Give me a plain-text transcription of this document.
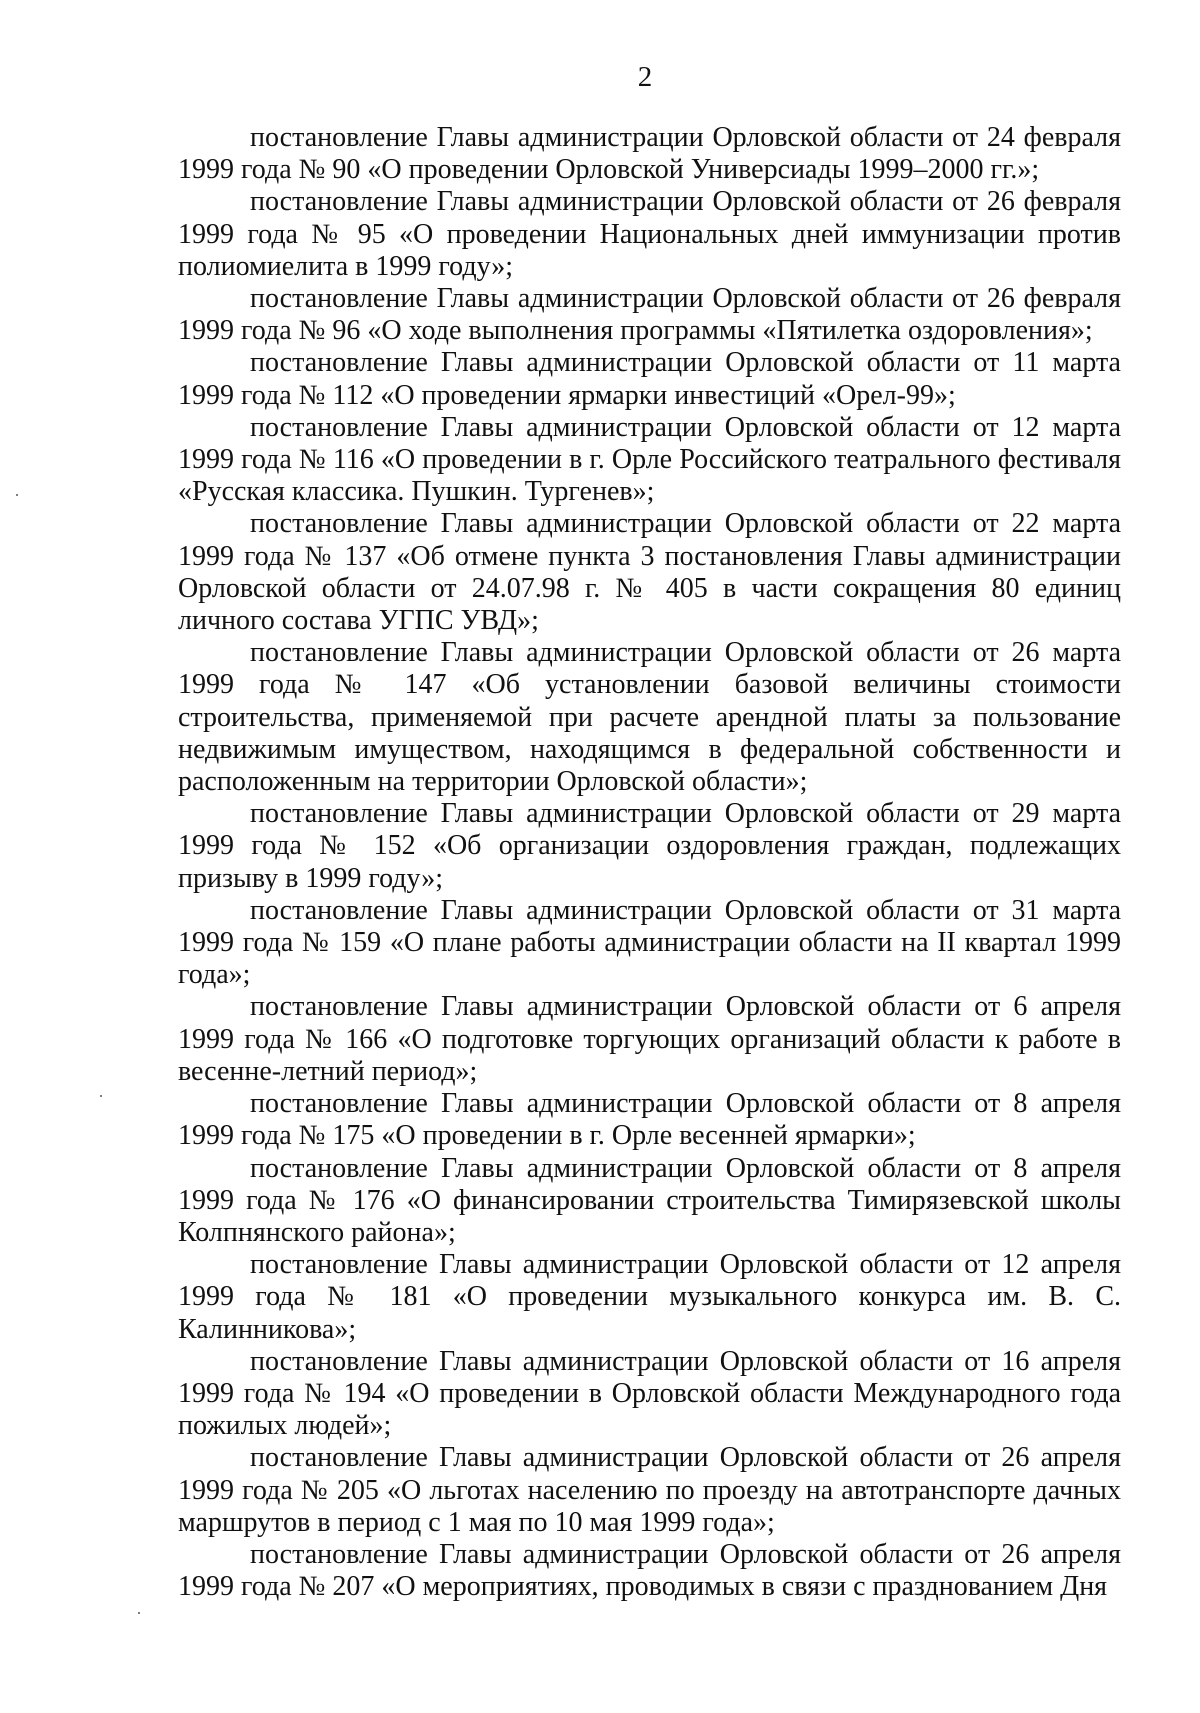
2

постановление Главы администрации Орловской области от 24 февраля 1999 года № 90 «О проведении Орловской Универсиады 1999–2000 гг.»;

постановление Главы администрации Орловской области от 26 февраля 1999 года № 95 «О проведении Национальных дней иммунизации против полиомиелита в 1999 году»;

постановление Главы администрации Орловской области от 26 февраля 1999 года № 96 «О ходе выполнения программы «Пятилетка оздоровления»;

постановление Главы администрации Орловской области от 11 марта 1999 года № 112 «О проведении ярмарки инвестиций «Орел-99»;

постановление Главы администрации Орловской области от 12 марта 1999 года № 116 «О проведении в г. Орле Российского театрального фестиваля «Русская классика. Пушкин. Тургенев»;

постановление Главы администрации Орловской области от 22 марта 1999 года № 137 «Об отмене пункта 3 постановления Главы администрации Орловской области от 24.07.98 г. № 405 в части сокращения 80 единиц личного состава УГПС УВД»;

постановление Главы администрации Орловской области от 26 марта 1999 года № 147 «Об установлении базовой величины стоимости строительства, применяемой при расчете арендной платы за пользование недвижимым имуществом, находящимся в федеральной собственности и расположенным на территории Орловской области»;

постановление Главы администрации Орловской области от 29 марта 1999 года № 152 «Об организации оздоровления граждан, подлежащих призыву в 1999 году»;

постановление Главы администрации Орловской области от 31 марта 1999 года № 159 «О плане работы администрации области на II квартал 1999 года»;

постановление Главы администрации Орловской области от 6 апреля 1999 года № 166 «О подготовке торгующих организаций области к работе в весенне-летний период»;

постановление Главы администрации Орловской области от 8 апреля 1999 года № 175 «О проведении в г. Орле весенней ярмарки»;

постановление Главы администрации Орловской области от 8 апреля 1999 года № 176 «О финансировании строительства Тимирязевской школы Колпнянского района»;

постановление Главы администрации Орловской области от 12 апреля 1999 года № 181 «О проведении музыкального конкурса им. В. С. Калинникова»;

постановление Главы администрации Орловской области от 16 апреля 1999 года № 194 «О проведении в Орловской области Международного года пожилых людей»;

постановление Главы администрации Орловской области от 26 апреля 1999 года № 205 «О льготах населению по проезду на автотранспорте дачных маршрутов в период с 1 мая по 10 мая 1999 года»;

постановление Главы администрации Орловской области от 26 апреля 1999 года № 207 «О мероприятиях, проводимых в связи с празднованием Дня
